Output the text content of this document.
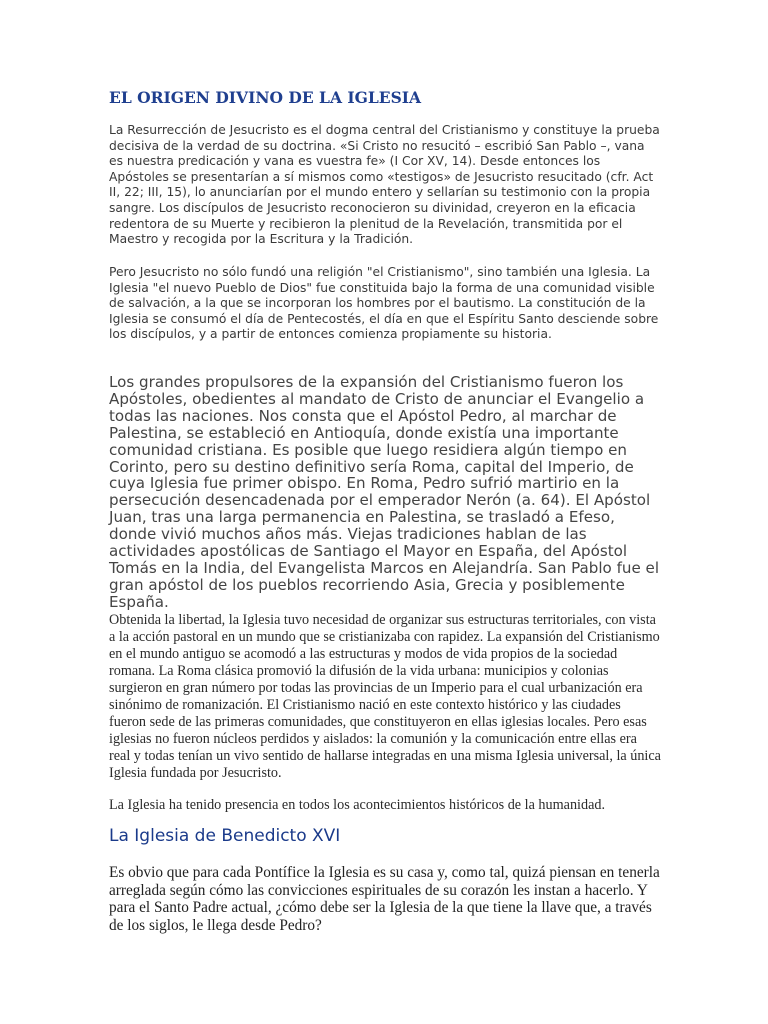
EL ORIGEN DIVINO DE LA IGLESIA

La Resurrección de Jesucristo es el dogma central del Cristianismo y constituye la prueba decisiva de la verdad de su doctrina. «Si Cristo no resucitó – escribió San Pablo –, vana es nuestra predicación y vana es vuestra fe» (I Cor XV, 14). Desde entonces los Apóstoles se presentarían a sí mismos como «testigos» de Jesucristo resucitado (cfr. Act II, 22; III, 15), lo anunciarían por el mundo entero y sellarían su testimonio con la propia sangre. Los discípulos de Jesucristo reconocieron su divinidad, creyeron en la eficacia redentora de su Muerte y recibieron la plenitud de la Revelación, transmitida por el Maestro y recogida por la Escritura y la Tradición.

Pero Jesucristo no sólo fundó una religión "el Cristianismo", sino también una Iglesia. La Iglesia "el nuevo Pueblo de Dios" fue constituida bajo la forma de una comunidad visible de salvación, a la que se incorporan los hombres por el bautismo. La constitución de la Iglesia se consumó el día de Pentecostés, el día en que el Espíritu Santo desciende sobre los discípulos, y a partir de entonces comienza propiamente su historia.

Los grandes propulsores de la expansión del Cristianismo fueron los Apóstoles, obedientes al mandato de Cristo de anunciar el Evangelio a todas las naciones. Nos consta que el Apóstol Pedro, al marchar de Palestina, se estableció en Antioquía, donde existía una importante comunidad cristiana. Es posible que luego residiera algún tiempo en Corinto, pero su destino definitivo sería Roma, capital del Imperio, de cuya Iglesia fue primer obispo. En Roma, Pedro sufrió martirio en la persecución desencadenada por el emperador Nerón (a. 64). El Apóstol Juan, tras una larga permanencia en Palestina, se trasladó a Efeso, donde vivió muchos años más. Viejas tradiciones hablan de las actividades apostólicas de Santiago el Mayor en España, del Apóstol Tomás en la India, del Evangelista Marcos en Alejandría. San Pablo fue el gran apóstol de los pueblos recorriendo Asia, Grecia y posiblemente España.

Obtenida la libertad, la Iglesia tuvo necesidad de organizar sus estructuras territoriales, con vista a la acción pastoral en un mundo que se cristianizaba con rapidez. La expansión del Cristianismo en el mundo antiguo se acomodó a las estructuras y modos de vida propios de la sociedad romana. La Roma clásica promovió la difusión de la vida urbana: municipios y colonias surgieron en gran número por todas las provincias de un Imperio para el cual urbanización era sinónimo de romanización. El Cristianismo nació en este contexto histórico y las ciudades fueron sede de las primeras comunidades, que constituyeron en ellas iglesias locales. Pero esas iglesias no fueron núcleos perdidos y aislados: la comunión y la comunicación entre ellas era real y todas tenían un vivo sentido de hallarse integradas en una misma Iglesia universal, la única Iglesia fundada por Jesucristo.

La Iglesia ha tenido presencia en todos los acontecimientos históricos de la humanidad.

La Iglesia de Benedicto XVI

Es obvio que para cada Pontífice la Iglesia es su casa y, como tal, quizá piensan en tenerla arreglada según cómo las convicciones espirituales de su corazón les instan a hacerlo. Y para el Santo Padre actual, ¿cómo debe ser la Iglesia de la que tiene la llave que, a través de los siglos, le llega desde Pedro?
